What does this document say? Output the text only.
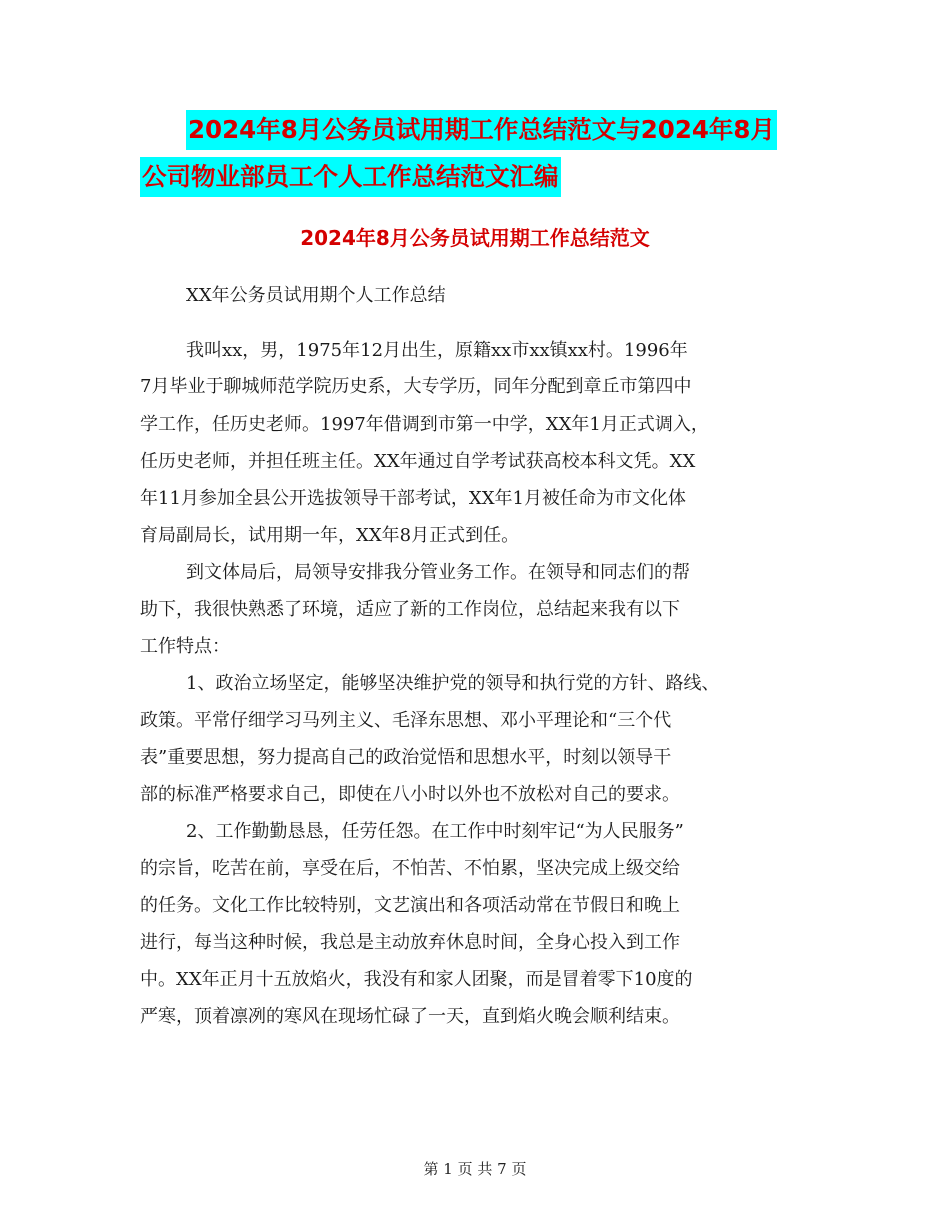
2024年8月公务员试用期工作总结范文与2024年8月
公司物业部员工个人工作总结范文汇编
2024年8月公务员试用期工作总结范文
XX年公务员试用期个人工作总结
我叫xx，男，1975年12月出生，原籍xx市xx镇xx村。1996年
7月毕业于聊城师范学院历史系，大专学历，同年分配到章丘市第四中
学工作，任历史老师。1997年借调到市第一中学，XX年1月正式调入，
任历史老师，并担任班主任。XX年通过自学考试获高校本科文凭。XX
年11月参加全县公开选拔领导干部考试，XX年1月被任命为市文化体
育局副局长，试用期一年，XX年8月正式到任。
到文体局后，局领导安排我分管业务工作。在领导和同志们的帮
助下，我很快熟悉了环境，适应了新的工作岗位，总结起来我有以下
工作特点：
1、政治立场坚定，能够坚决维护党的领导和执行党的方针、路线、
政策。平常仔细学习马列主义、毛泽东思想、邓小平理论和“三个代
表”重要思想，努力提高自己的政治觉悟和思想水平，时刻以领导干
部的标准严格要求自己，即使在八小时以外也不放松对自己的要求。
2、工作勤勤恳恳，任劳任怨。在工作中时刻牢记“为人民服务”
的宗旨，吃苦在前，享受在后，不怕苦、不怕累，坚决完成上级交给
的任务。文化工作比较特别，文艺演出和各项活动常在节假日和晚上
进行，每当这种时候，我总是主动放弃休息时间，全身心投入到工作
中。XX年正月十五放焰火，我没有和家人团聚，而是冒着零下10度的
严寒，顶着凛冽的寒风在现场忙碌了一天，直到焰火晚会顺利结束。
第 1 页 共 7 页
